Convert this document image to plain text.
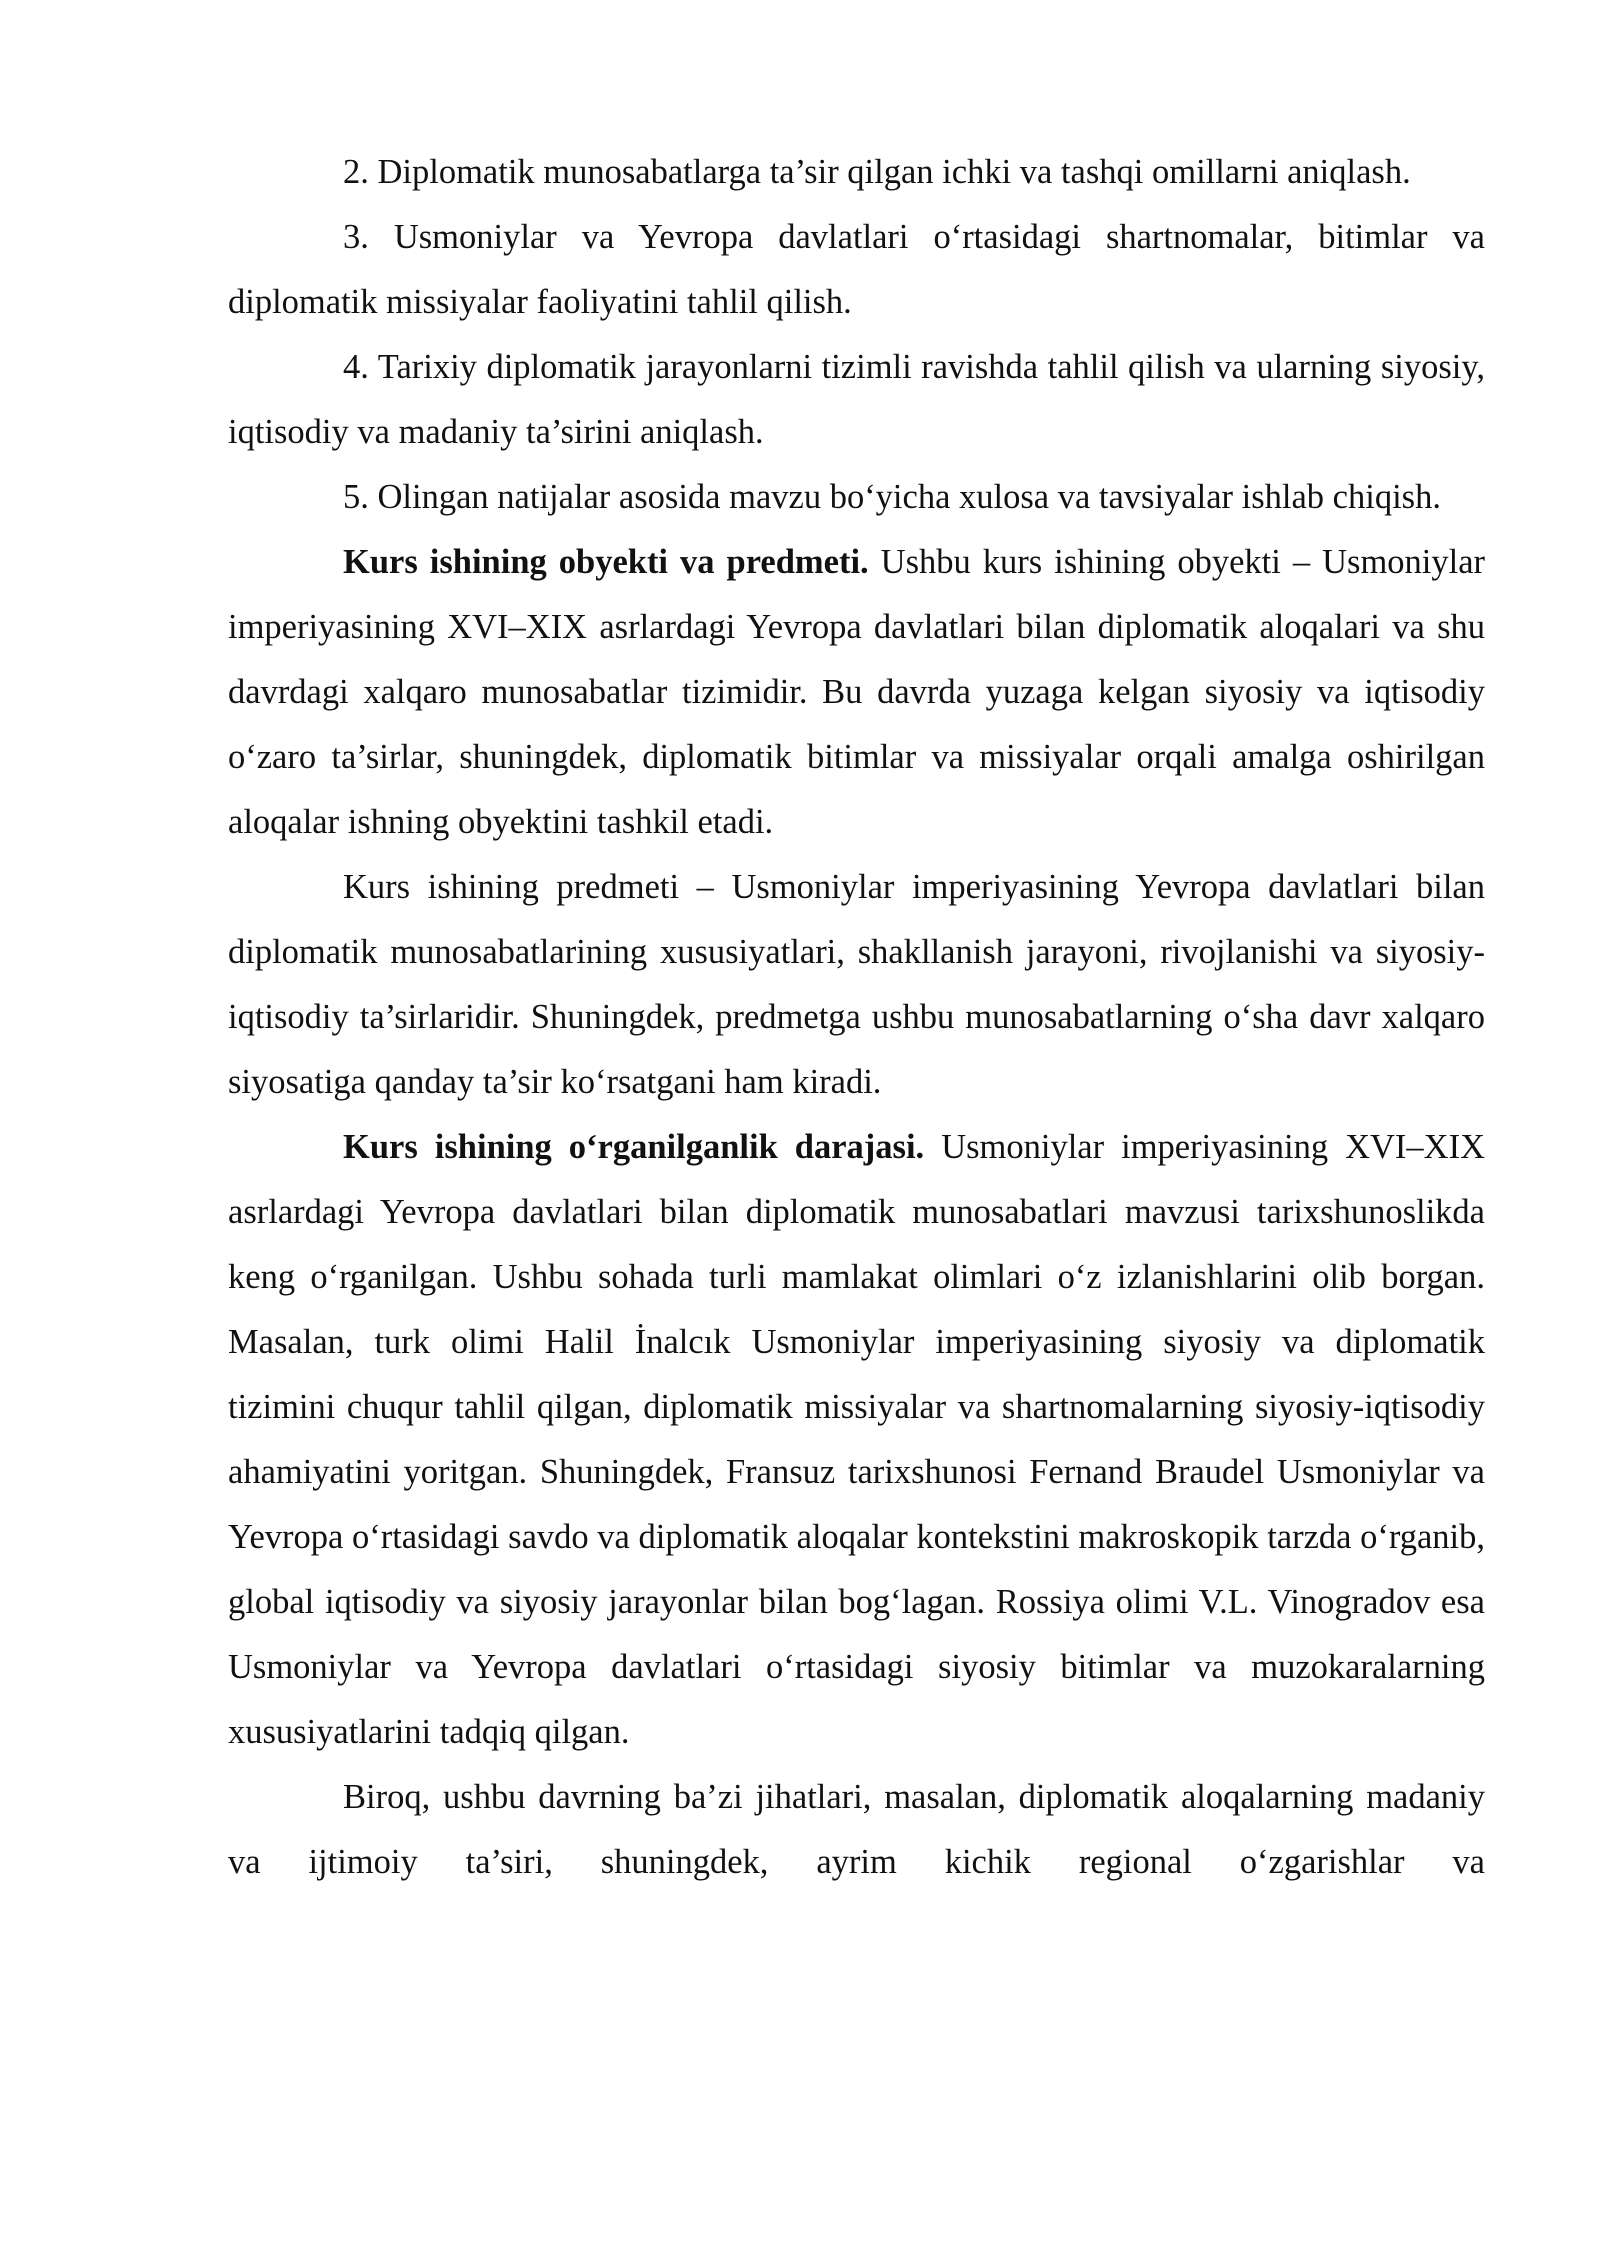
2. Diplomatik munosabatlarga ta’sir qilgan ichki va tashqi omillarni aniqlash.

3. Usmoniylar va Yevropa davlatlari o‘rtasidagi shartnomalar, bitimlar va diplomatik missiyalar faoliyatini tahlil qilish.

4. Tarixiy diplomatik jarayonlarni tizimli ravishda tahlil qilish va ularning siyosiy, iqtisodiy va madaniy ta’sirini aniqlash.

5. Olingan natijalar asosida mavzu bo‘yicha xulosa va tavsiyalar ishlab chiqish.

Kurs ishining obyekti va predmeti. Ushbu kurs ishining obyekti – Usmoniylar imperiyasining XVI–XIX asrlardagi Yevropa davlatlari bilan diplomatik aloqalari va shu davrdagi xalqaro munosabatlar tizimidir. Bu davrda yuzaga kelgan siyosiy va iqtisodiy o‘zaro ta’sirlar, shuningdek, diplomatik bitimlar va missiyalar orqali amalga oshirilgan aloqalar ishning obyektini tashkil etadi.

Kurs ishining predmeti – Usmoniylar imperiyasining Yevropa davlatlari bilan diplomatik munosabatlarining xususiyatlari, shakllanish jarayoni, rivojlanishi va siyosiy-iqtisodiy ta’sirlaridir. Shuningdek, predmetga ushbu munosabatlarning o‘sha davr xalqaro siyosatiga qanday ta’sir ko‘rsatgani ham kiradi.

Kurs ishining o‘rganilganlik darajasi. Usmoniylar imperiyasining XVI–XIX asrlardagi Yevropa davlatlari bilan diplomatik munosabatlari mavzusi tarixshunoslikda keng o‘rganilgan. Ushbu sohada turli mamlakat olimlari o‘z izlanishlarini olib borgan. Masalan, turk olimi Halil İnalcık Usmoniylar imperiyasining siyosiy va diplomatik tizimini chuqur tahlil qilgan, diplomatik missiyalar va shartnomalarning siyosiy-iqtisodiy ahamiyatini yoritgan. Shuningdek, Fransuz tarixshunosi Fernand Braudel Usmoniylar va Yevropa o‘rtasidagi savdo va diplomatik aloqalar kontekstini makroskopik tarzda o‘rganib, global iqtisodiy va siyosiy jarayonlar bilan bog‘lagan. Rossiya olimi V.L. Vinogradov esa Usmoniylar va Yevropa davlatlari o‘rtasidagi siyosiy bitimlar va muzokaralarning xususiyatlarini tadqiq qilgan.

Biroq, ushbu davrning ba’zi jihatlari, masalan, diplomatik aloqalarning madaniy va ijtimoiy ta’siri, shuningdek, ayrim kichik regional o‘zgarishlar va
